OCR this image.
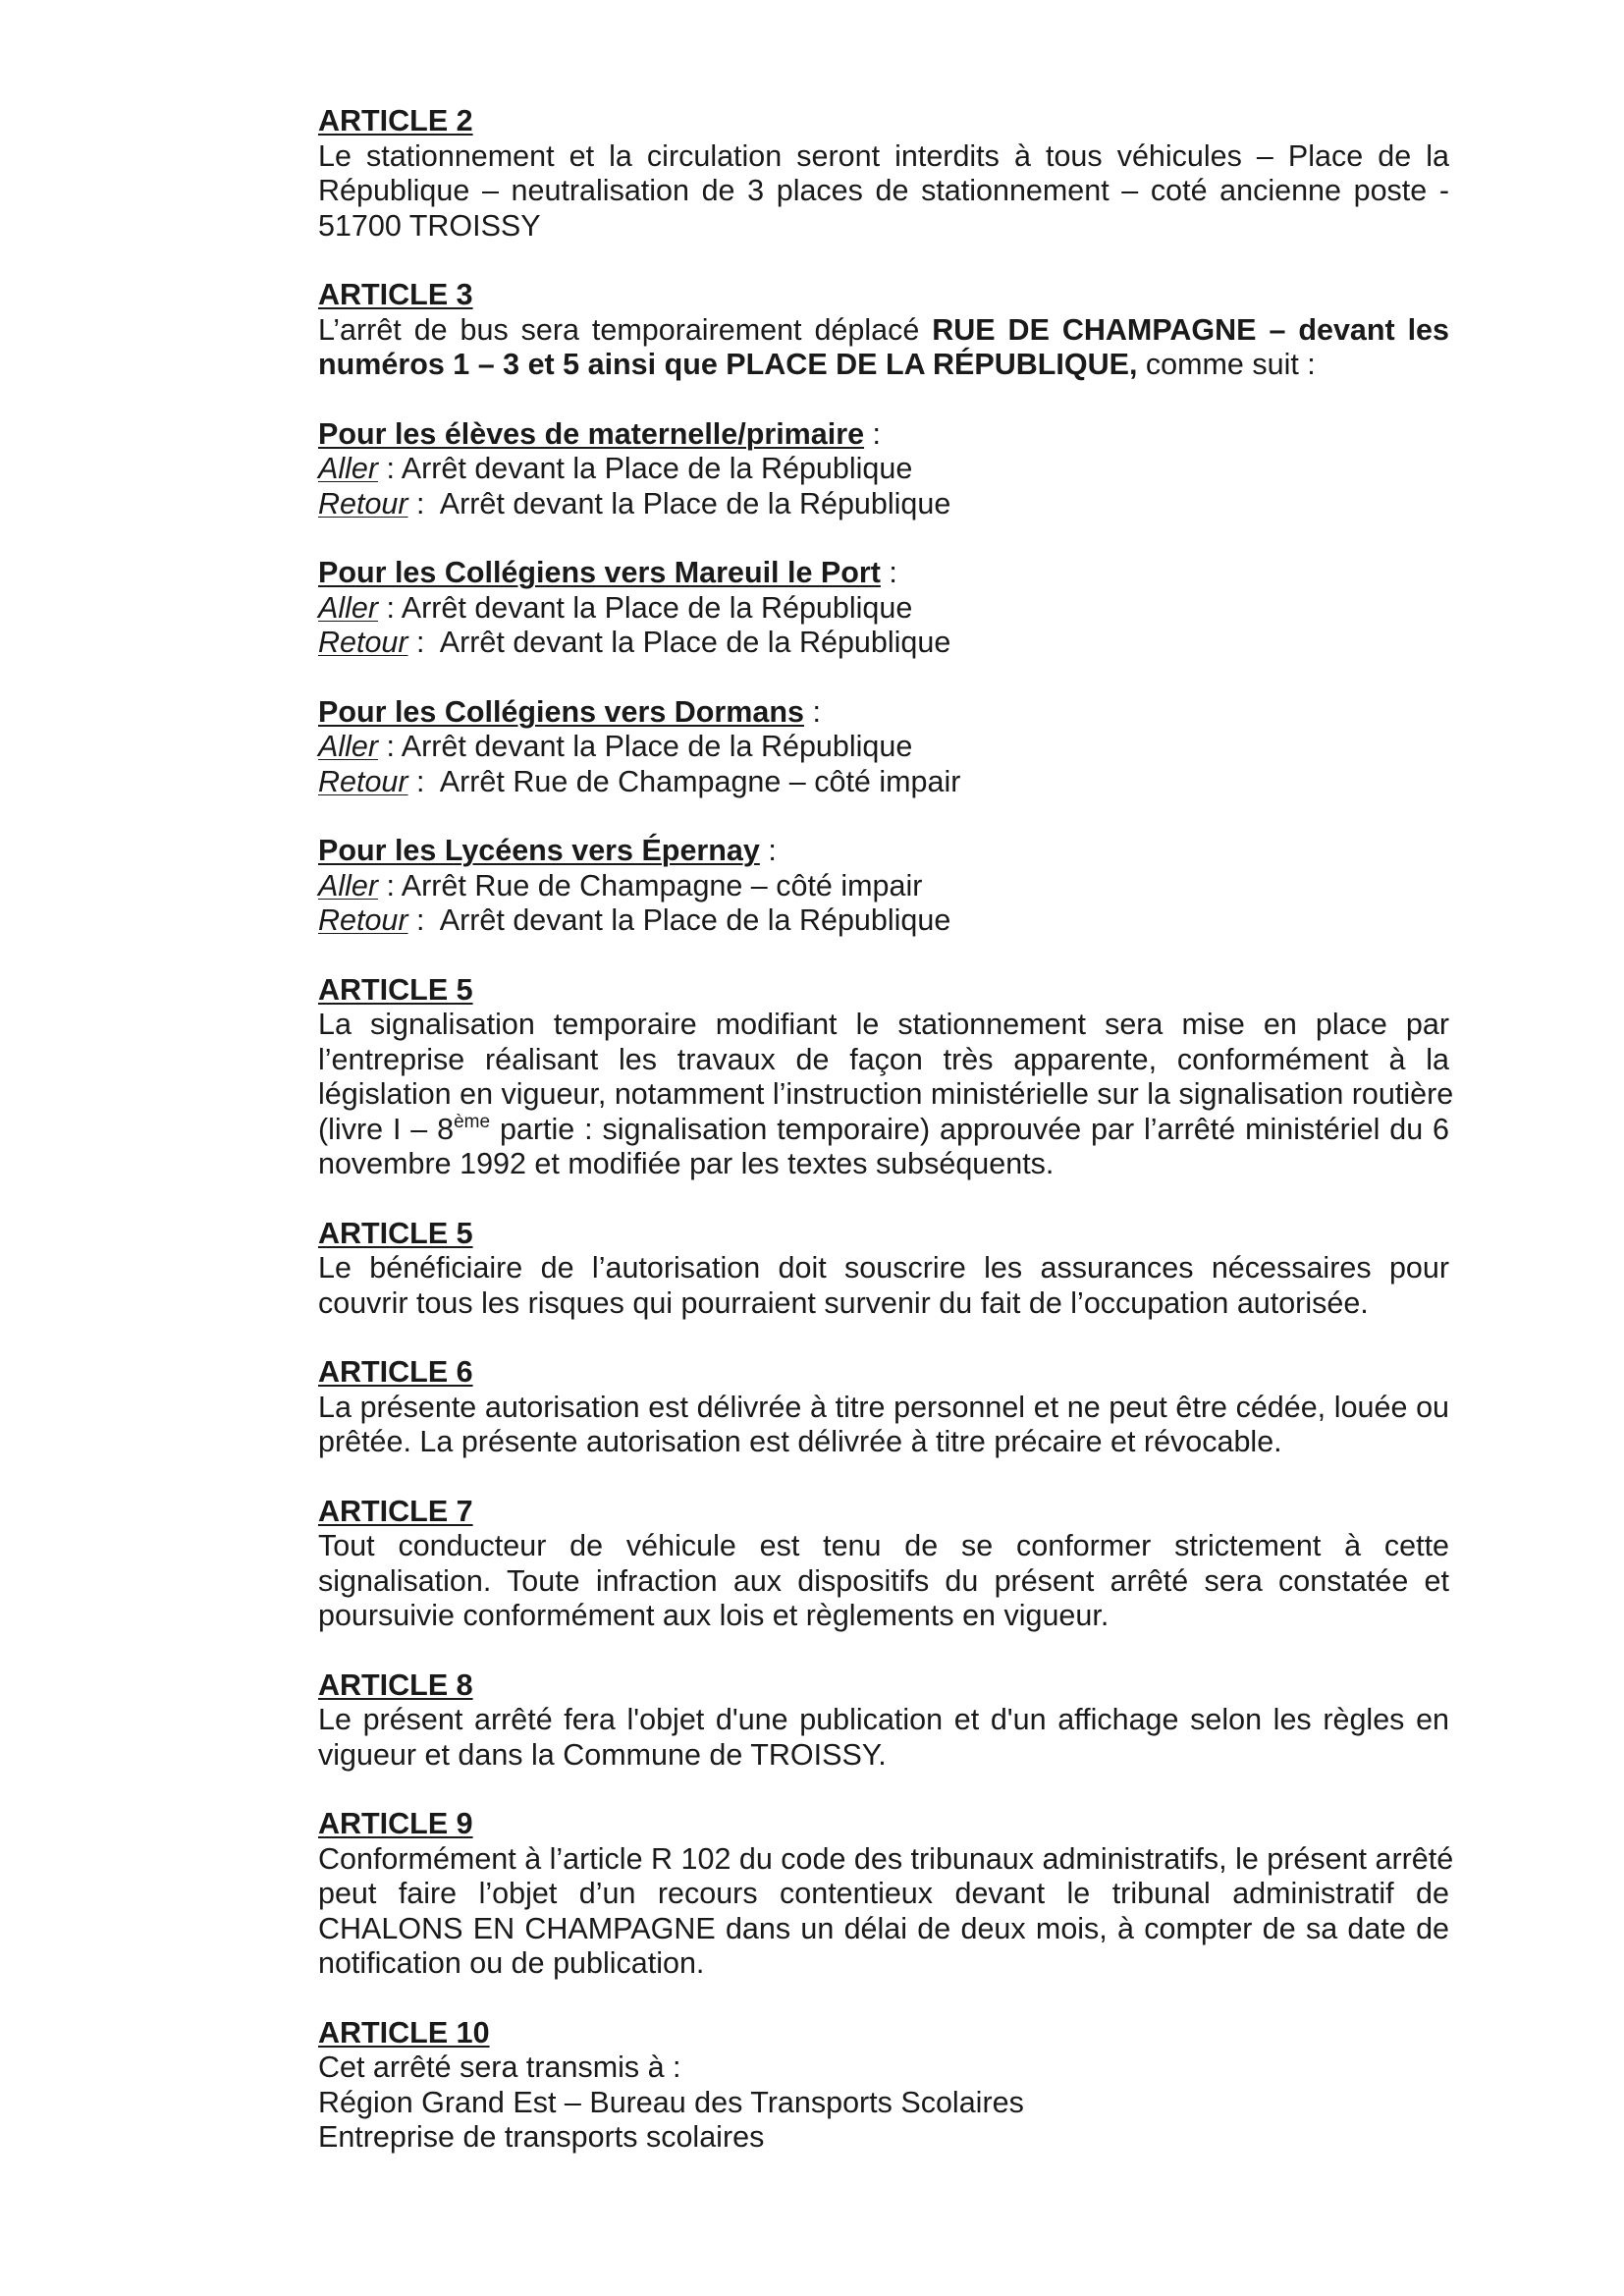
ARTICLE 2

Le stationnement et la circulation seront interdits à tous véhicules – Place de la
République – neutralisation de 3 places de stationnement – coté ancienne poste -
51700 TROISSY

ARTICLE 3

L’arrêt de bus sera temporairement déplacé RUE DE CHAMPAGNE – devant les
numéros 1 – 3 et 5 ainsi que PLACE DE LA RÉPUBLIQUE, comme suit :

Pour les élèves de maternelle/primaire :

Aller : Arrêt devant la Place de la République

Retour :  Arrêt devant la Place de la République

Pour les Collégiens vers Mareuil le Port :

Aller : Arrêt devant la Place de la République

Retour :  Arrêt devant la Place de la République

Pour les Collégiens vers Dormans :

Aller : Arrêt devant la Place de la République

Retour :  Arrêt Rue de Champagne – côté impair

Pour les Lycéens vers Épernay :

Aller : Arrêt Rue de Champagne – côté impair

Retour :  Arrêt devant la Place de la République

ARTICLE 5

La signalisation temporaire modifiant le stationnement sera mise en place par
l’entreprise réalisant les travaux de façon très apparente, conformément à la
législation en vigueur, notamment l’instruction ministérielle sur la signalisation routière
(livre I – 8ème partie : signalisation temporaire) approuvée par l’arrêté ministériel du 6
novembre 1992 et modifiée par les textes subséquents.

ARTICLE 5

Le bénéficiaire de l’autorisation doit souscrire les assurances nécessaires pour
couvrir tous les risques qui pourraient survenir du fait de l’occupation autorisée.

ARTICLE 6

La présente autorisation est délivrée à titre personnel et ne peut être cédée, louée ou
prêtée. La présente autorisation est délivrée à titre précaire et révocable.

ARTICLE 7

Tout conducteur de véhicule est tenu de se conformer strictement à cette
signalisation. Toute infraction aux dispositifs du présent arrêté sera constatée et
poursuivie conformément aux lois et règlements en vigueur.

ARTICLE 8

Le présent arrêté fera l'objet d'une publication et d'un affichage selon les règles en
vigueur et dans la Commune de TROISSY.

ARTICLE 9

Conformément à l’article R 102 du code des tribunaux administratifs, le présent arrêté
peut faire l’objet d’un recours contentieux devant le tribunal administratif de
CHALONS EN CHAMPAGNE dans un délai de deux mois, à compter de sa date de
notification ou de publication.

ARTICLE 10

Cet arrêté sera transmis à :
Région Grand Est – Bureau des Transports Scolaires
Entreprise de transports scolaires
